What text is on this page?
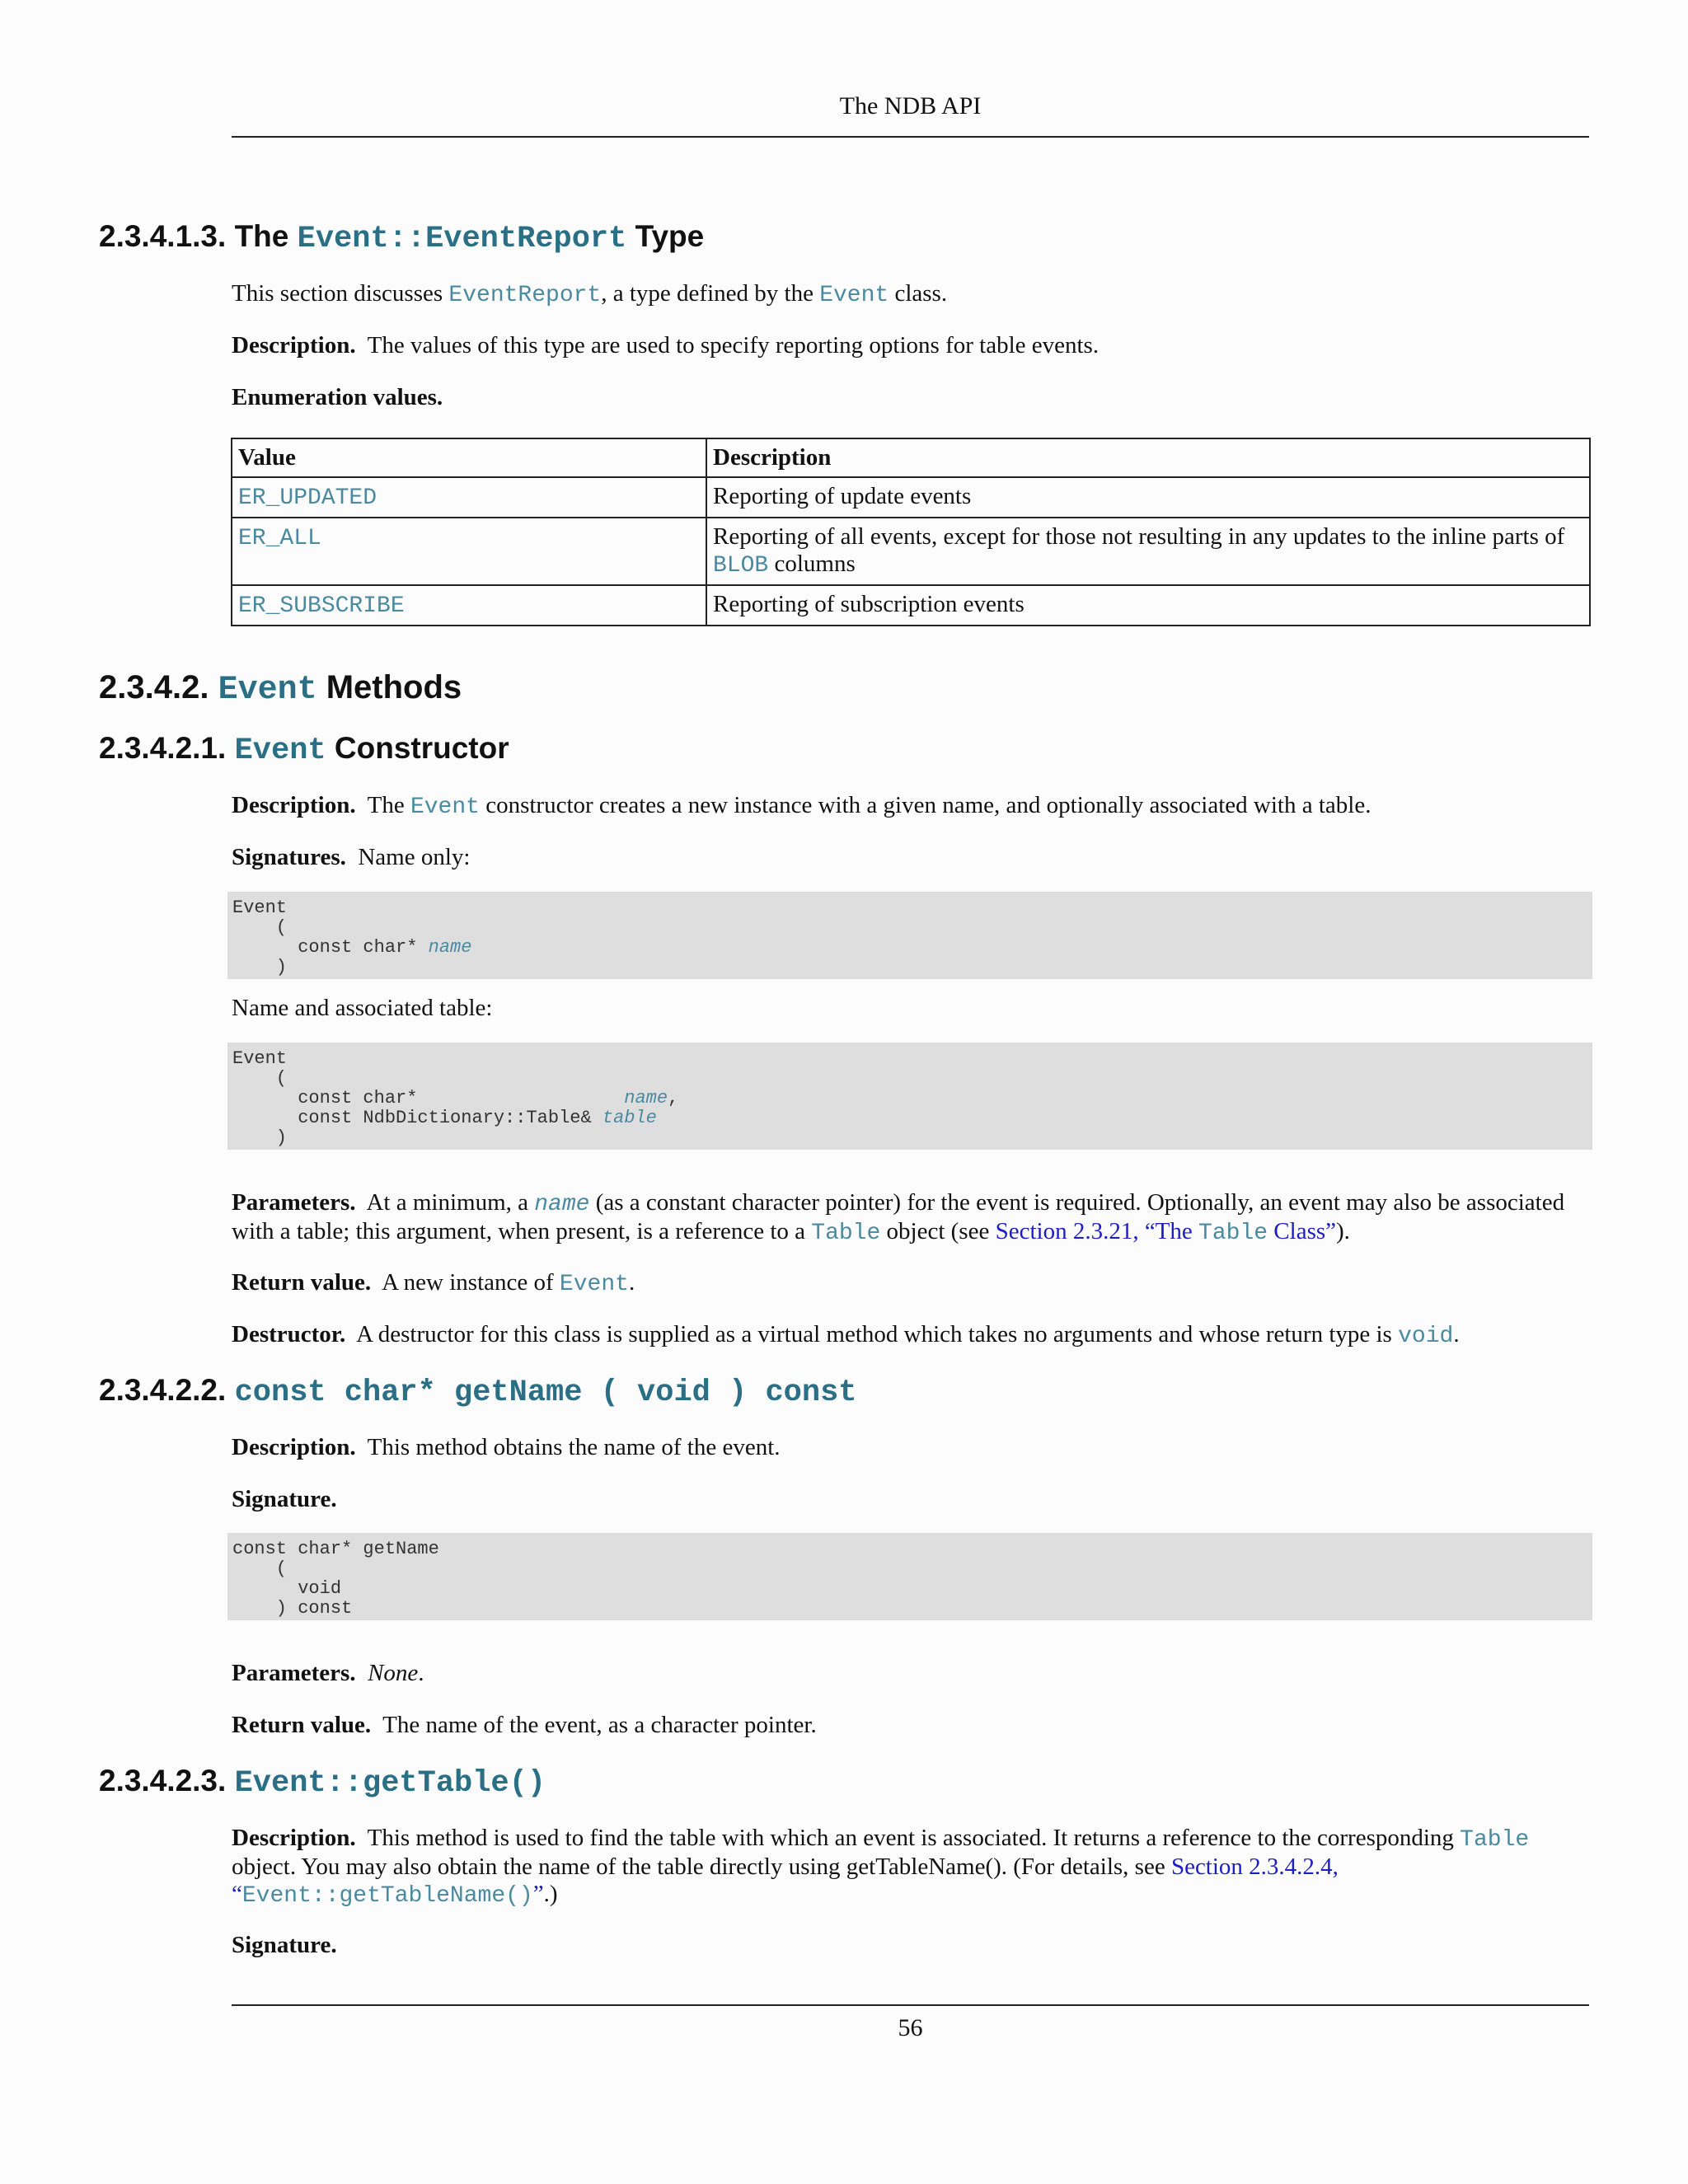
The NDB API
2.3.4.1.3. The Event::EventReport Type

This section discusses EventReport, a type defined by the Event class.

Description. The values of this type are used to specify reporting options for table events.

Enumeration values.

Value	Description
ER_UPDATED	Reporting of update events
ER_ALL	Reporting of all events, except for those not resulting in any updates to the inline parts of BLOB columns
ER_SUBSCRIBE	Reporting of subscription events
2.3.4.2. Event Methods
2.3.4.2.1. Event Constructor

Description. The Event constructor creates a new instance with a given name, and optionally associated with a table.

Signatures. Name only:

Event
(
const char* name
)

Name and associated table:

Event
(
const char*                   name,
const NdbDictionary::Table& table
)

Parameters. At a minimum, a name (as a constant character pointer) for the event is required. Optionally, an event may also be associated with a table; this argument, when present, is a reference to a Table object (see Section 2.3.21, “The Table Class”).

Return value. A new instance of Event.

Destructor. A destructor for this class is supplied as a virtual method which takes no arguments and whose return type is void.

2.3.4.2.2. const char* getName ( void ) const

Description. This method obtains the name of the event.

Signature.

const char* getName
(
void
) const

Parameters. None.

Return value. The name of the event, as a character pointer.

2.3.4.2.3. Event::getTable()

Description. This method is used to find the table with which an event is associated. It returns a reference to the corresponding Table object. You may also obtain the name of the table directly using getTableName(). (For details, see Section 2.3.4.2.4, “Event::getTableName()”.)

Signature.

56
